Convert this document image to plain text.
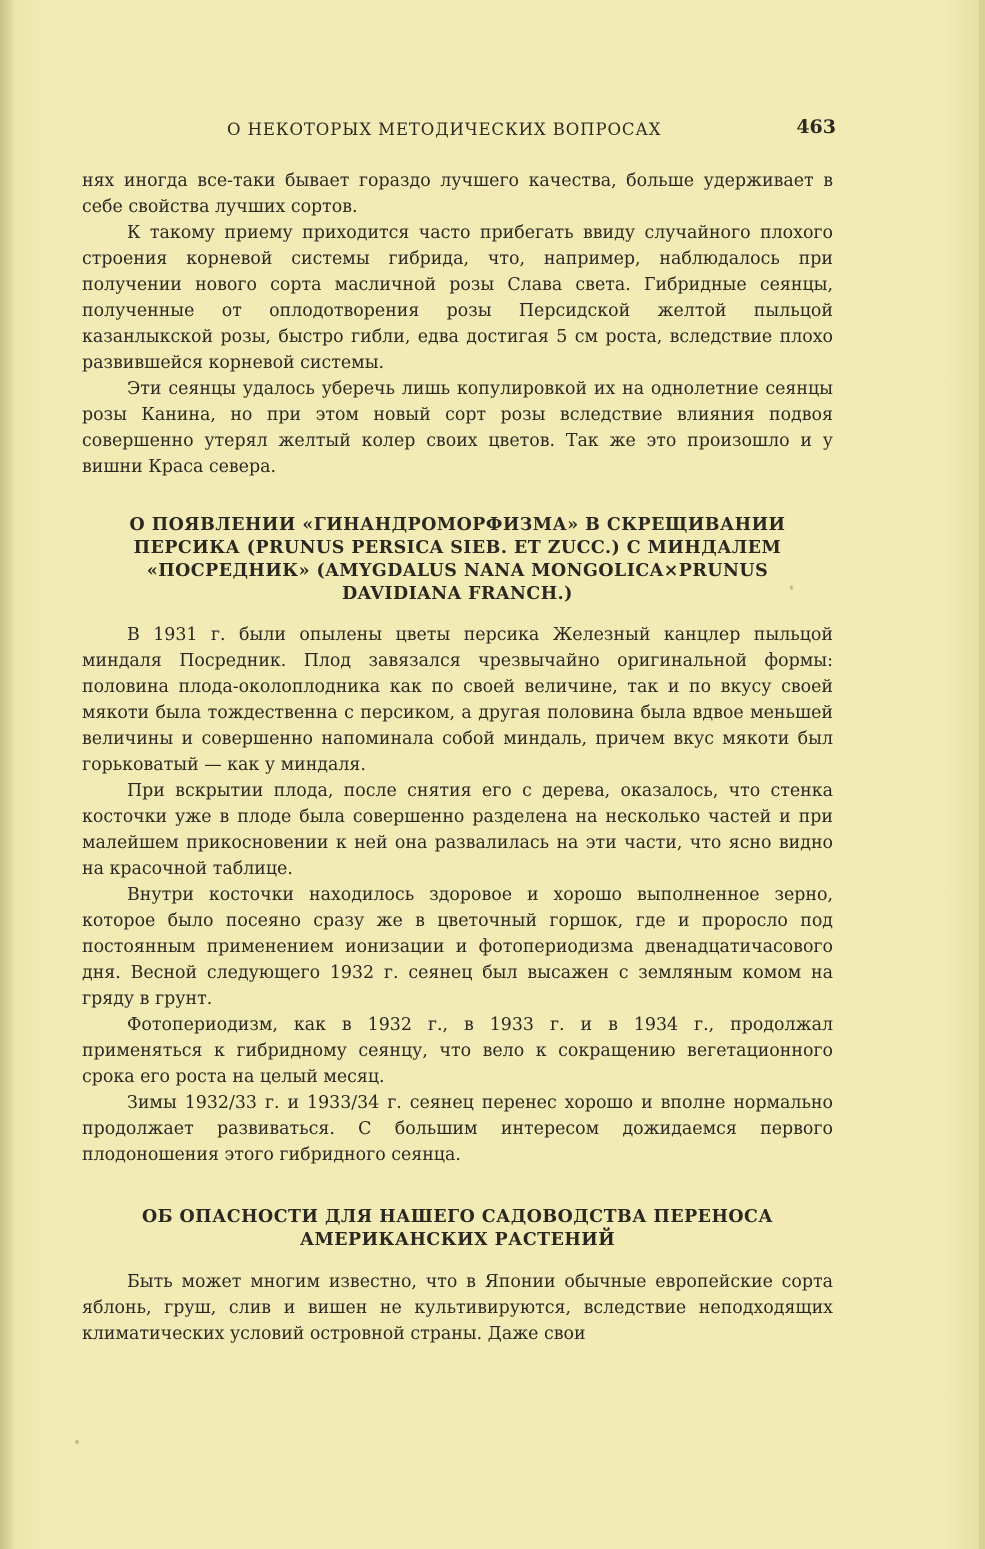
О НЕКОТОРЫХ МЕТОДИЧЕСКИХ ВОПРОСАХ	463

нях иногда все-таки бывает гораздо лучшего качества, больше удерживает в себе свойства лучших сортов.

К такому приему приходится часто прибегать ввиду случайного плохого строения корневой системы гибрида, что, например, наблюдалось при получении нового сорта масличной розы Слава света. Гибридные сеянцы, полученные от оплодотворения розы Персидской желтой пыльцой казанлыкской розы, быстро гибли, едва достигая 5 см роста, вследствие плохо развившейся корневой системы.

Эти сеянцы удалось уберечь лишь копулировкой их на однолетние сеянцы розы Канина, но при этом новый сорт розы вследствие влияния подвоя совершенно утерял желтый колер своих цветов. Так же это произошло и у вишни Краса севера.

О ПОЯВЛЕНИИ «ГИНАНДРОМОРФИЗМА» В СКРЕЩИВАНИИ ПЕРСИКА (PRUNUS PERSICA SIEB. ET ZUCC.) С МИНДАЛЕМ «ПОСРЕДНИК» (AMYGDALUS NANA MONGOLICA×PRUNUS DAVIDIANA FRANCH.)

В 1931 г. были опылены цветы персика Железный канцлер пыльцой миндаля Посредник. Плод завязался чрезвычайно оригинальной формы: половина плода-околоплодника как по своей величине, так и по вкусу своей мякоти была тождественна с персиком, а другая половина была вдвое меньшей величины и совершенно напоминала собой миндаль, причем вкус мякоти был горьковатый — как у миндаля.

При вскрытии плода, после снятия его с дерева, оказалось, что стенка косточки уже в плоде была совершенно разделена на несколько частей и при малейшем прикосновении к ней она развалилась на эти части, что ясно видно на красочной таблице.

Внутри косточки находилось здоровое и хорошо выполненное зерно, которое было посеяно сразу же в цветочный горшок, где и проросло под постоянным применением ионизации и фотопериодизма двенадцатичасового дня. Весной следующего 1932 г. сеянец был высажен с земляным комом на гряду в грунт.

Фотопериодизм, как в 1932 г., в 1933 г. и в 1934 г., продолжал применяться к гибридному сеянцу, что вело к сокращению вегетационного срока его роста на целый месяц.

Зимы 1932/33 г. и 1933/34 г. сеянец перенес хорошо и вполне нормально продолжает развиваться. С большим интересом дожидаемся первого плодоношения этого гибридного сеянца.

ОБ ОПАСНОСТИ ДЛЯ НАШЕГО САДОВОДСТВА ПЕРЕНОСА АМЕРИКАНСКИХ РАСТЕНИЙ

Быть может многим известно, что в Японии обычные европейские сорта яблонь, груш, слив и вишен не культивируются, вследствие неподходящих климатических условий островной страны. Даже свои
